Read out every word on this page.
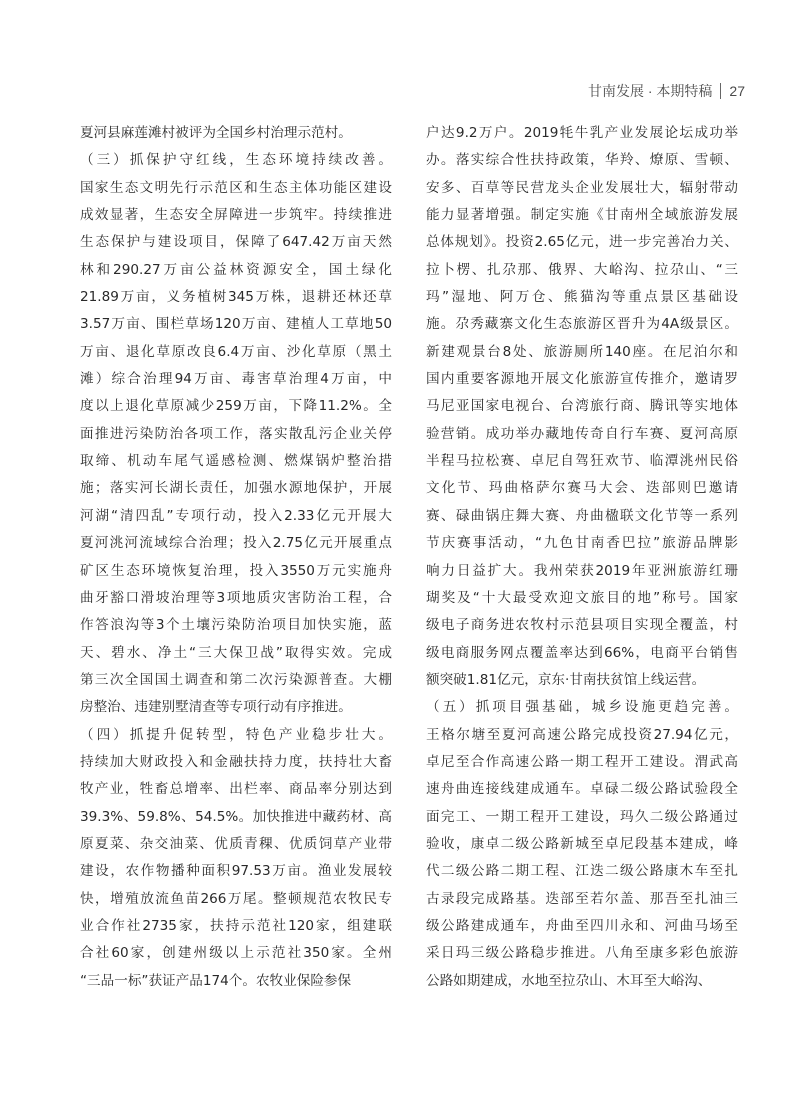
甘南发展 · 本期特稿 27

夏河县麻莲滩村被评为全国乡村治理示范村。

（三）抓保护守红线，生态环境持续改善。

国家生态文明先行示范区和生态主体功能区建设

成效显著，生态安全屏障进一步筑牢。持续推进

生态保护与建设项目，保障了647.42万亩天然

林和290.27万亩公益林资源安全，国土绿化

21.89万亩，义务植树345万株，退耕还林还草

3.57万亩、围栏草场120万亩、建植人工草地50

万亩、退化草原改良6.4万亩、沙化草原（黑土

滩）综合治理94万亩、毒害草治理4万亩，中

度以上退化草原减少259万亩，下降11.2%。全

面推进污染防治各项工作，落实散乱污企业关停

取缔、机动车尾气遥感检测、燃煤锅炉整治措

施；落实河长湖长责任，加强水源地保护，开展

河湖“清四乱”专项行动，投入2.33亿元开展大

夏河洮河流域综合治理；投入2.75亿元开展重点

矿区生态环境恢复治理，投入3550万元实施舟

曲牙豁口滑坡治理等3项地质灾害防治工程，合

作答浪沟等3个土壤污染防治项目加快实施，蓝

天、碧水、净土“三大保卫战”取得实效。完成

第三次全国国土调查和第二次污染源普查。大棚

房整治、违建别墅清查等专项行动有序推进。

（四）抓提升促转型，特色产业稳步壮大。

持续加大财政投入和金融扶持力度，扶持壮大畜

牧产业，牲畜总增率、出栏率、商品率分别达到

39.3%、59.8%、54.5%。加快推进中藏药材、高

原夏菜、杂交油菜、优质青稞、优质饲草产业带

建设，农作物播种面积97.53万亩。渔业发展较

快，增殖放流鱼苗266万尾。整顿规范农牧民专

业合作社2735家，扶持示范社120家，组建联

合社60家，创建州级以上示范社350家。全州

“三品一标”获证产品174个。农牧业保险参保

户达9.2万户。2019牦牛乳产业发展论坛成功举

办。落实综合性扶持政策，华羚、燎原、雪顿、

安多、百草等民营龙头企业发展壮大，辐射带动

能力显著增强。制定实施《甘南州全域旅游发展

总体规划》。投资2.65亿元，进一步完善冶力关、

拉卜楞、扎尕那、俄界、大峪沟、拉尕山、“三

玛”湿地、阿万仓、熊猫沟等重点景区基础设

施。尕秀藏寨文化生态旅游区晋升为4A级景区。

新建观景台8处、旅游厕所140座。在尼泊尔和

国内重要客源地开展文化旅游宣传推介，邀请罗

马尼亚国家电视台、台湾旅行商、腾讯等实地体

验营销。成功举办藏地传奇自行车赛、夏河高原

半程马拉松赛、卓尼自驾狂欢节、临潭洮州民俗

文化节、玛曲格萨尔赛马大会、迭部则巴邀请

赛、碌曲锅庄舞大赛、舟曲楹联文化节等一系列

节庆赛事活动，“九色甘南香巴拉”旅游品牌影

响力日益扩大。我州荣获2019年亚洲旅游红珊

瑚奖及“十大最受欢迎文旅目的地”称号。国家

级电子商务进农牧村示范县项目实现全覆盖，村

级电商服务网点覆盖率达到66%，电商平台销售

额突破1.81亿元，京东·甘南扶贫馆上线运营。

（五）抓项目强基础，城乡设施更趋完善。

王格尔塘至夏河高速公路完成投资27.94亿元，

卓尼至合作高速公路一期工程开工建设。渭武高

速舟曲连接线建成通车。卓碌二级公路试验段全

面完工、一期工程开工建设，玛久二级公路通过

验收，康卓二级公路新城至卓尼段基本建成，峰

代二级公路二期工程、江迭二级公路康木车至扎

古录段完成路基。迭部至若尔盖、那吾至扎油三

级公路建成通车，舟曲至四川永和、河曲马场至

采日玛三级公路稳步推进。八角至康多彩色旅游

公路如期建成，水地至拉尕山、木耳至大峪沟、
